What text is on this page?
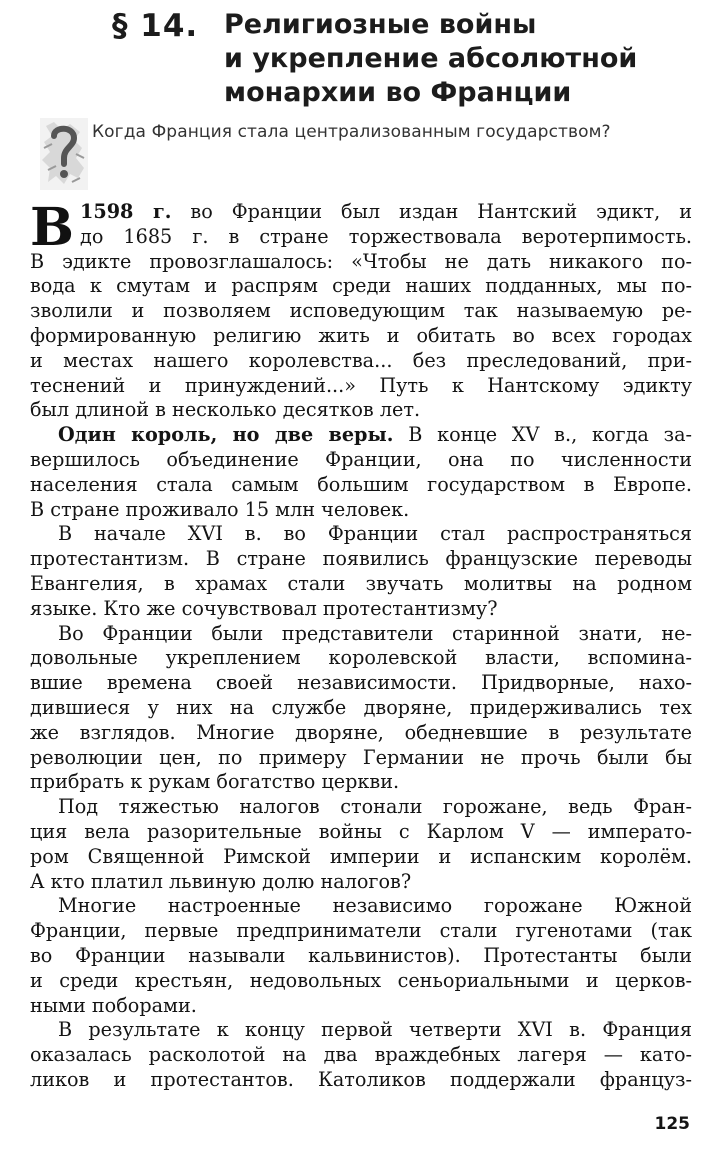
§ 14. Религиозные войны
и укрепление абсолютной
монархии во Франции
Когда Франция стала централизованным государством?
В 1598 г. во Франции был издан Нантский эдикт, и
до 1685 г. в стране торжествовала веротерпимость.
В эдикте провозглашалось: «Чтобы не дать никакого по-
вода к смутам и распрям среди наших подданных, мы по-
зволили и позволяем исповедующим так называемую ре-
формированную религию жить и обитать во всех городах
и местах нашего королевства... без преследований, при-
теснений и принуждений...» Путь к Нантскому эдикту
был длиной в несколько десятков лет.
Один король, но две веры. В конце XV в., когда за-
вершилось объединение Франции, она по численности
населения стала самым большим государством в Европе.
В стране проживало 15 млн человек.
В начале XVI в. во Франции стал распространяться
протестантизм. В стране появились французские переводы
Евангелия, в храмах стали звучать молитвы на родном
языке. Кто же сочувствовал протестантизму?
Во Франции были представители старинной знати, не-
довольные укреплением королевской власти, вспомина-
вшие времена своей независимости. Придворные, нахо-
дившиеся у них на службе дворяне, придерживались тех
же взглядов. Многие дворяне, обедневшие в результате
революции цен, по примеру Германии не прочь были бы
прибрать к рукам богатство церкви.
Под тяжестью налогов стонали горожане, ведь Фран-
ция вела разорительные войны с Карлом V — императо-
ром Священной Римской империи и испанским королём.
А кто платил львиную долю налогов?
Многие настроенные независимо горожане Южной
Франции, первые предприниматели стали гугенотами (так
во Франции называли кальвинистов). Протестанты были
и среди крестьян, недовольных сеньориальными и церков-
ными поборами.
В результате к концу первой четверти XVI в. Франция
оказалась расколотой на два враждебных лагеря — като-
ликов и протестантов. Католиков поддержали француз-
125
